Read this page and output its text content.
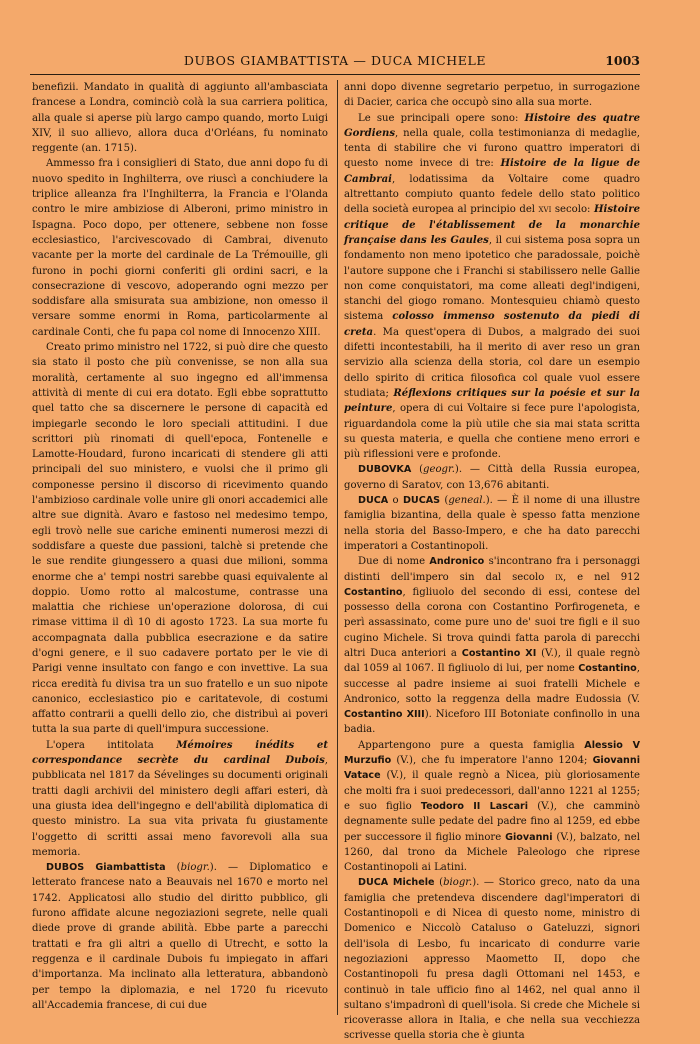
DUBOS GIAMBATTISTA — DUCA MICHELE	1003

benefizii. Mandato in qualità di aggiunto all'ambasciata francese a Londra, cominciò colà la sua carriera politica, alla quale si aperse più largo campo quando, morto Luigi XIV, il suo allievo, allora duca d'Orléans, fu nominato reggente (an. 1715).

Ammesso fra i consiglieri di Stato, due anni dopo fu di nuovo spedito in Inghilterra, ove riuscì a conchiudere la triplice alleanza fra l'Inghilterra, la Francia e l'Olanda contro le mire ambiziose di Alberoni, primo ministro in Ispagna. Poco dopo, per ottenere, sebbene non fosse ecclesiastico, l'arcivescovado di Cambrai, divenuto vacante per la morte del cardinale de La Trémouille, gli furono in pochi giorni conferiti gli ordini sacri, e la consecrazione di vescovo, adoperando ogni mezzo per soddisfare alla smisurata sua ambizione, non omesso il versare somme enormi in Roma, particolarmente al cardinale Conti, che fu papa col nome di Innocenzo XIII.

Creato primo ministro nel 1722, si può dire che questo sia stato il posto che più convenisse, se non alla sua moralità, certamente al suo ingegno ed all'immensa attività di mente di cui era dotato. Egli ebbe soprattutto quel tatto che sa discernere le persone di capacità ed impiegarle secondo le loro speciali attitudini. I due scrittori più rinomati di quell'epoca, Fontenelle e Lamotte-Houdard, furono incaricati di stendere gli atti principali del suo ministero, e vuolsi che il primo gli componesse persino il discorso di ricevimento quando l'ambizioso cardinale volle unire gli onori accademici alle altre sue dignità. Avaro e fastoso nel medesimo tempo, egli trovò nelle sue cariche eminenti numerosi mezzi di soddisfare a queste due passioni, talchè si pretende che le sue rendite giungessero a quasi due milioni, somma enorme che a' tempi nostri sarebbe quasi equivalente al doppio. Uomo rotto al malcostume, contrasse una malattia che richiese un'operazione dolorosa, di cui rimase vittima il dì 10 di agosto 1723. La sua morte fu accompagnata dalla pubblica esecrazione e da satire d'ogni genere, e il suo cadavere portato per le vie di Parigi venne insultato con fango e con invettive. La sua ricca eredità fu divisa tra un suo fratello e un suo nipote canonico, ecclesiastico pio e caritatevole, di costumi affatto contrarii a quelli dello zio, che distribuì ai poveri tutta la sua parte di quell'impura successione.

L'opera intitolata Mémoires inédits et correspondance secrète du cardinal Dubois, pubblicata nel 1817 da Sévelinges su documenti originali tratti dagli archivii del ministero degli affari esteri, dà una giusta idea dell'ingegno e dell'abilità diplomatica di questo ministro. La sua vita privata fu giustamente l'oggetto di scritti assai meno favorevoli alla sua memoria.

DUBOS Giambattista (biogr.). — Diplomatico e letterato francese nato a Beauvais nel 1670 e morto nel 1742. Applicatosi allo studio del diritto pubblico, gli furono affidate alcune negoziazioni segrete, nelle quali diede prove di grande abilità. Ebbe parte a parecchi trattati e fra gli altri a quello di Utrecht, e sotto la reggenza e il cardinale Dubois fu impiegato in affari d'importanza. Ma inclinato alla letteratura, abbandonò per tempo la diplomazia, e nel 1720 fu ricevuto all'Accademia francese, di cui due

anni dopo divenne segretario perpetuo, in surrogazione di Dacier, carica che occupò sino alla sua morte.

Le sue principali opere sono: Histoire des quatre Gordiens, nella quale, colla testimonianza di medaglie, tenta di stabilire che vi furono quattro imperatori di questo nome invece di tre: Histoire de la ligue de Cambrai, lodatissima da Voltaire come quadro altrettanto compiuto quanto fedele dello stato politico della società europea al principio del xvi secolo: Histoire critique de l'établissement de la monarchie française dans les Gaules, il cui sistema posa sopra un fondamento non meno ipotetico che paradossale, poichè l'autore suppone che i Franchi si stabilissero nelle Gallie non come conquistatori, ma come alleati degl'indigeni, stanchi del giogo romano. Montesquieu chiamò questo sistema colosso immenso sostenuto da piedi di creta. Ma quest'opera di Dubos, a malgrado dei suoi difetti incontestabili, ha il merito di aver reso un gran servizio alla scienza della storia, col dare un esempio dello spirito di critica filosofica col quale vuol essere studiata; Réflexions critiques sur la poésie et sur la peinture, opera di cui Voltaire si fece pure l'apologista, riguardandola come la più utile che sia mai stata scritta su questa materia, e quella che contiene meno errori e più riflessioni vere e profonde.

DUBOVKA (geogr.). — Città della Russia europea, governo di Saratov, con 13,676 abitanti.

DUCA o DUCAS (geneal.). — È il nome di una illustre famiglia bizantina, della quale è spesso fatta menzione nella storia del Basso-Impero, e che ha dato parecchi imperatori a Costantinopoli.

Due di nome Andronico s'incontrano fra i personaggi distinti dell'impero sin dal secolo ix, e nel 912 Costantino, figliuolo del secondo di essi, contese del possesso della corona con Costantino Porfirogeneta, e perì assassinato, come pure uno de' suoi tre figli e il suo cugino Michele. Si trova quindi fatta parola di parecchi altri Duca anteriori a Costantino XI (V.), il quale regnò dal 1059 al 1067. Il figliuolo di lui, per nome Costantino, successe al padre insieme ai suoi fratelli Michele e Andronico, sotto la reggenza della madre Eudossia (V. Costantino XIII). Niceforo III Botoniate confinollo in una badia.

Appartengono pure a questa famiglia Alessio V Murzufio (V.), che fu imperatore l'anno 1204; Giovanni Vatace (V.), il quale regnò a Nicea, più gloriosamente che molti fra i suoi predecessori, dall'anno 1221 al 1255; e suo figlio Teodoro II Lascari (V.), che camminò degnamente sulle pedate del padre fino al 1259, ed ebbe per successore il figlio minore Giovanni (V.), balzato, nel 1260, dal trono da Michele Paleologo che riprese Costantinopoli ai Latini.

DUCA Michele (biogr.). — Storico greco, nato da una famiglia che pretendeva discendere dagl'imperatori di Costantinopoli e di Nicea di questo nome, ministro di Domenico e Niccolò Cataluso o Gateluzzi, signori dell'isola di Lesbo, fu incaricato di condurre varie negoziazioni appresso Maometto II, dopo che Costantinopoli fu presa dagli Ottomani nel 1453, e continuò in tale ufficio fino al 1462, nel qual anno il sultano s'impadronì di quell'isola. Si crede che Michele si ricoverasse allora in Italia, e che nella sua vecchiezza scrivesse quella storia che è giunta
